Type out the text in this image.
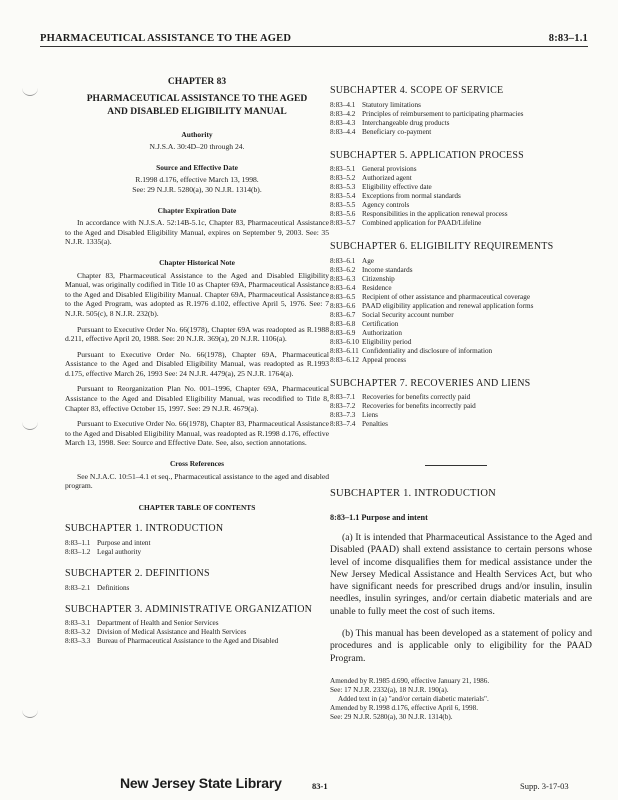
PHARMACEUTICAL ASSISTANCE TO THE AGED	8:83–1.1
CHAPTER 83
PHARMACEUTICAL ASSISTANCE TO THE AGED
AND DISABLED ELIGIBILITY MANUAL
Authority

N.J.S.A. 30:4D–20 through 24.

Source and Effective Date

R.1998 d.176, effective March 13, 1998.

See: 29 N.J.R. 5280(a), 30 N.J.R. 1314(b).

Chapter Expiration Date

In accordance with N.J.S.A. 52:14B-5.1c, Chapter 83, Pharmaceutical Assistance to the Aged and Disabled Eligibility Manual, expires on September 9, 2003. See: 35 N.J.R. 1335(a).

Chapter Historical Note

Chapter 83, Pharmaceutical Assistance to the Aged and Disabled Eligibility Manual, was originally codified in Title 10 as Chapter 69A, Pharmaceutical Assistance to the Aged and Disabled Eligibility Manual. Chapter 69A, Pharmaceutical Assistance to the Aged Program, was adopted as R.1976 d.102, effective April 5, 1976. See: 7 N.J.R. 505(c), 8 N.J.R. 232(b).

Pursuant to Executive Order No. 66(1978), Chapter 69A was readopted as R.1988 d.211, effective April 20, 1988. See: 20 N.J.R. 369(a), 20 N.J.R. 1106(a).

Pursuant to Executive Order No. 66(1978), Chapter 69A, Pharmaceutical Assistance to the Aged and Disabled Eligibility Manual, was readopted as R.1993 d.175, effective March 26, 1993 See: 24 N.J.R. 4479(a), 25 N.J.R. 1764(a).

Pursuant to Reorganization Plan No. 001–1996, Chapter 69A, Pharmaceutical Assistance to the Aged and Disabled Eligibility Manual, was recodified to Title 8, Chapter 83, effective October 15, 1997. See: 29 N.J.R. 4679(a).

Pursuant to Executive Order No. 66(1978), Chapter 83, Pharmaceutical Assistance to the Aged and Disabled Eligibility Manual, was readopted as R.1998 d.176, effective March 13, 1998. See: Source and Effective Date. See, also, section annotations.

Cross References

See N.J.A.C. 10:51–4.1 et seq., Pharmaceutical assistance to the aged and disabled program.

CHAPTER TABLE OF CONTENTS
SUBCHAPTER 1. INTRODUCTION
8:83–1.1 Purpose and intent
8:83–1.2 Legal authority
SUBCHAPTER 2. DEFINITIONS
8:83–2.1 Definitions
SUBCHAPTER 3. ADMINISTRATIVE ORGANIZATION
8:83–3.1 Department of Health and Senior Services
8:83–3.2 Division of Medical Assistance and Health Services
8:83–3.3 Bureau of Pharmaceutical Assistance to the Aged and Disabled
SUBCHAPTER 4. SCOPE OF SERVICE
8:83–4.1 Statutory limitations
8:83–4.2 Principles of reimbursement to participating pharmacies
8:83–4.3 Interchangeable drug products
8:83–4.4 Beneficiary co-payment
SUBCHAPTER 5. APPLICATION PROCESS
8:83–5.1 General provisions
8:83–5.2 Authorized agent
8:83–5.3 Eligibility effective date
8:83–5.4 Exceptions from normal standards
8:83–5.5 Agency controls
8:83–5.6 Responsibilities in the application renewal process
8:83–5.7 Combined application for PAAD/Lifeline
SUBCHAPTER 6. ELIGIBILITY REQUIREMENTS
8:83–6.1 Age
8:83–6.2 Income standards
8:83–6.3 Citizenship
8:83–6.4 Residence
8:83–6.5 Recipient of other assistance and pharmaceutical coverage
8:83–6.6 PAAD eligibility application and renewal application forms
8:83–6.7 Social Security account number
8:83–6.8 Certification
8:83–6.9 Authorization
8:83–6.10 Eligibility period
8:83–6.11 Confidentiality and disclosure of information
8:83–6.12 Appeal process
SUBCHAPTER 7. RECOVERIES AND LIENS
8:83–7.1 Recoveries for benefits correctly paid
8:83–7.2 Recoveries for benefits incorrectly paid
8:83–7.3 Liens
8:83–7.4 Penalties
SUBCHAPTER 1. INTRODUCTION
8:83–1.1 Purpose and intent

(a) It is intended that Pharmaceutical Assistance to the Aged and Disabled (PAAD) shall extend assistance to certain persons whose level of income disqualifies them for medical assistance under the New Jersey Medical Assistance and Health Services Act, but who have significant needs for prescribed drugs and/or insulin, insulin needles, insulin syringes, and/or certain diabetic materials and are unable to fully meet the cost of such items.

(b) This manual has been developed as a statement of policy and procedures and is applicable only to eligibility for the PAAD Program.

Amended by R.1985 d.690, effective January 21, 1986.
See: 17 N.J.R. 2332(a), 18 N.J.R. 190(a).
Added text in (a) "and/or certain diabetic materials".
Amended by R.1998 d.176, effective April 6, 1998.
See: 29 N.J.R. 5280(a), 30 N.J.R. 1314(b).
New Jersey State Library	83-1	Supp. 3-17-03
